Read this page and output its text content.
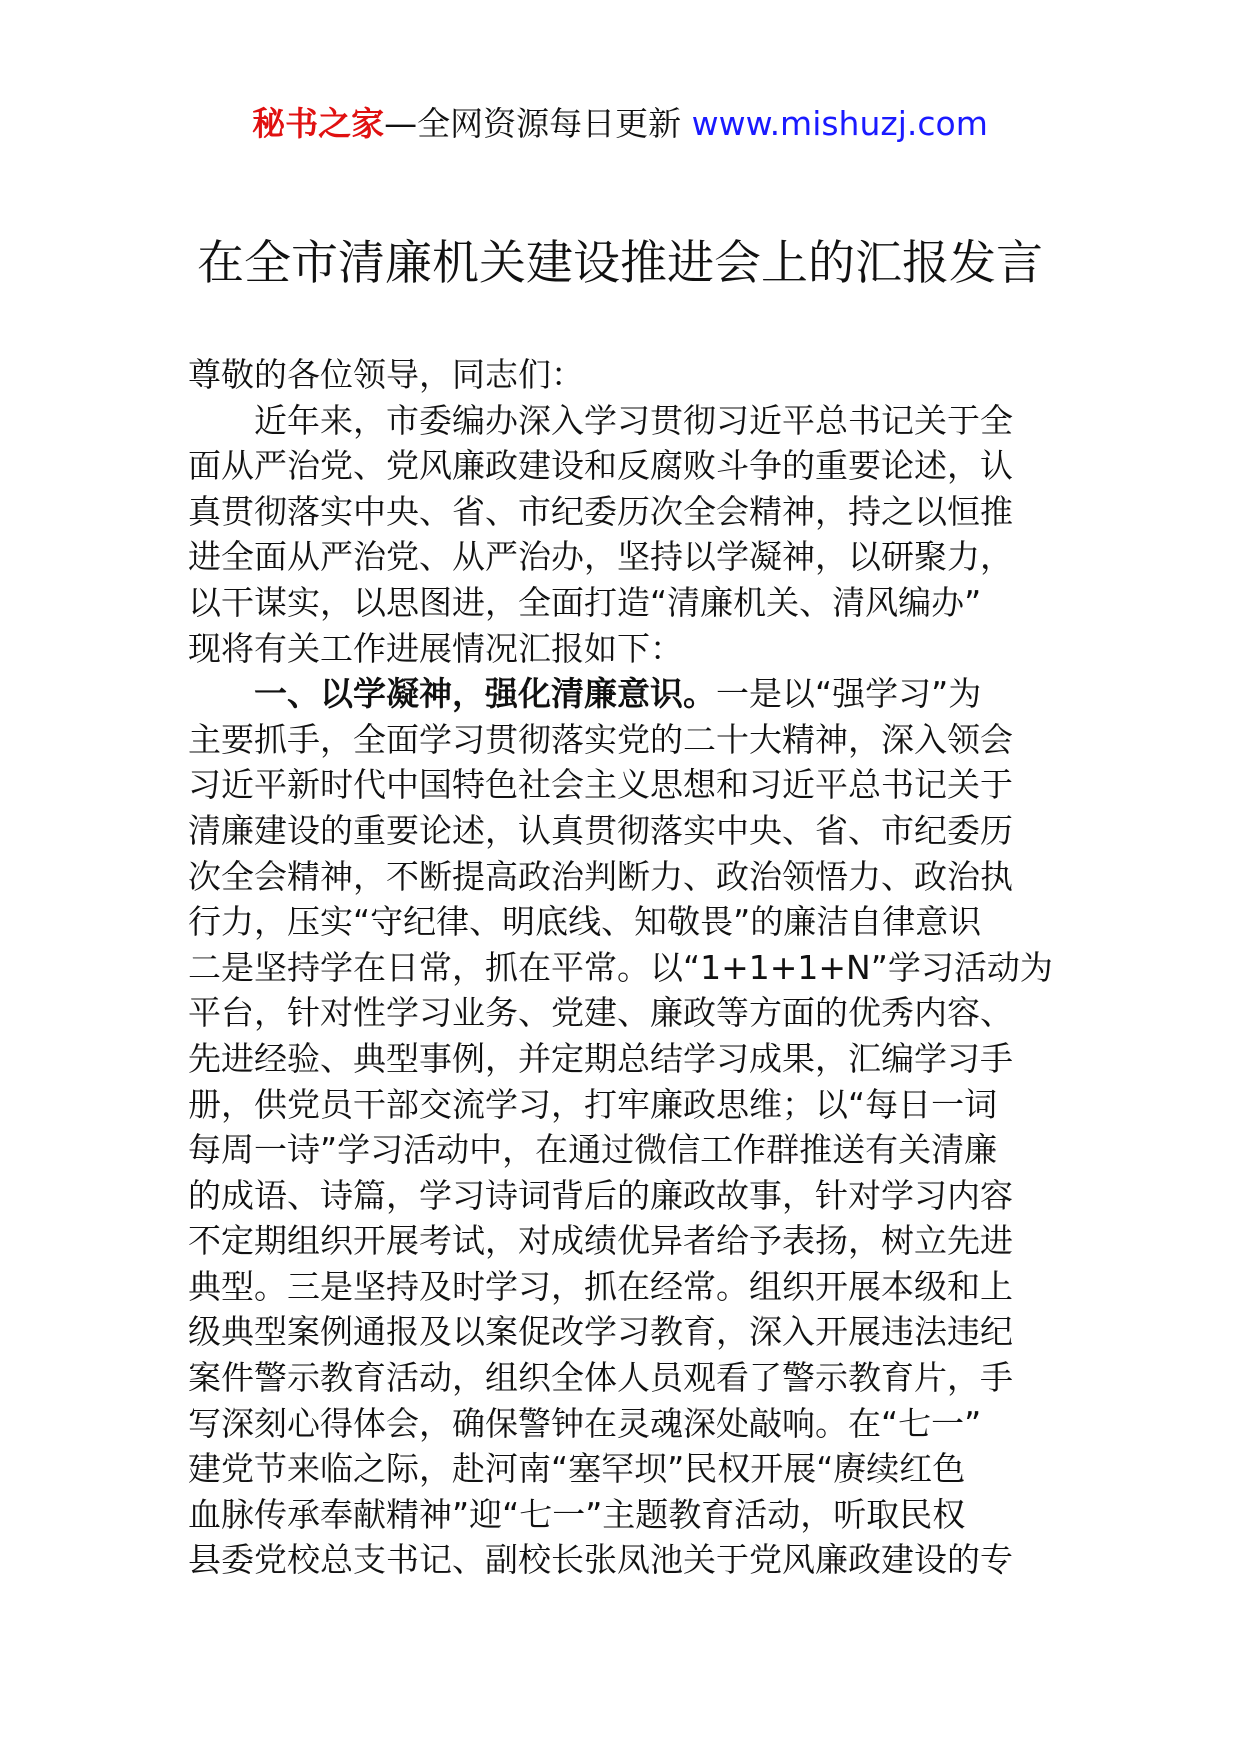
秘书之家—全网资源每日更新 www.mishuzj.com
在全市清廉机关建设推进会上的汇报发言
尊敬的各位领导，同志们：
近年来，市委编办深入学习贯彻习近平总书记关于全
面从严治党、党风廉政建设和反腐败斗争的重要论述，认
真贯彻落实中央、省、市纪委历次全会精神，持之以恒推
进全面从严治党、从严治办，坚持以学凝神，以研聚力，
以干谋实，以思图进，全面打造“清廉机关、清风编办”
现将有关工作进展情况汇报如下：
一、以学凝神，强化清廉意识。一是以“强学习”为
主要抓手，全面学习贯彻落实党的二十大精神，深入领会
习近平新时代中国特色社会主义思想和习近平总书记关于
清廉建设的重要论述，认真贯彻落实中央、省、市纪委历
次全会精神，不断提高政治判断力、政治领悟力、政治执
行力，压实“守纪律、明底线、知敬畏”的廉洁自律意识
二是坚持学在日常，抓在平常。以“1+1+1+N”学习活动为
平台，针对性学习业务、党建、廉政等方面的优秀内容、
先进经验、典型事例，并定期总结学习成果，汇编学习手
册，供党员干部交流学习，打牢廉政思维；以“每日一词
每周一诗”学习活动中，在通过微信工作群推送有关清廉
的成语、诗篇，学习诗词背后的廉政故事，针对学习内容
不定期组织开展考试，对成绩优异者给予表扬，树立先进
典型。三是坚持及时学习，抓在经常。组织开展本级和上
级典型案例通报及以案促改学习教育，深入开展违法违纪
案件警示教育活动，组织全体人员观看了警示教育片，手
写深刻心得体会，确保警钟在灵魂深处敲响。在“七一”
建党节来临之际，赴河南“塞罕坝”民权开展“赓续红色
血脉传承奉献精神”迎“七一”主题教育活动，听取民权
县委党校总支书记、副校长张凤池关于党风廉政建设的专
